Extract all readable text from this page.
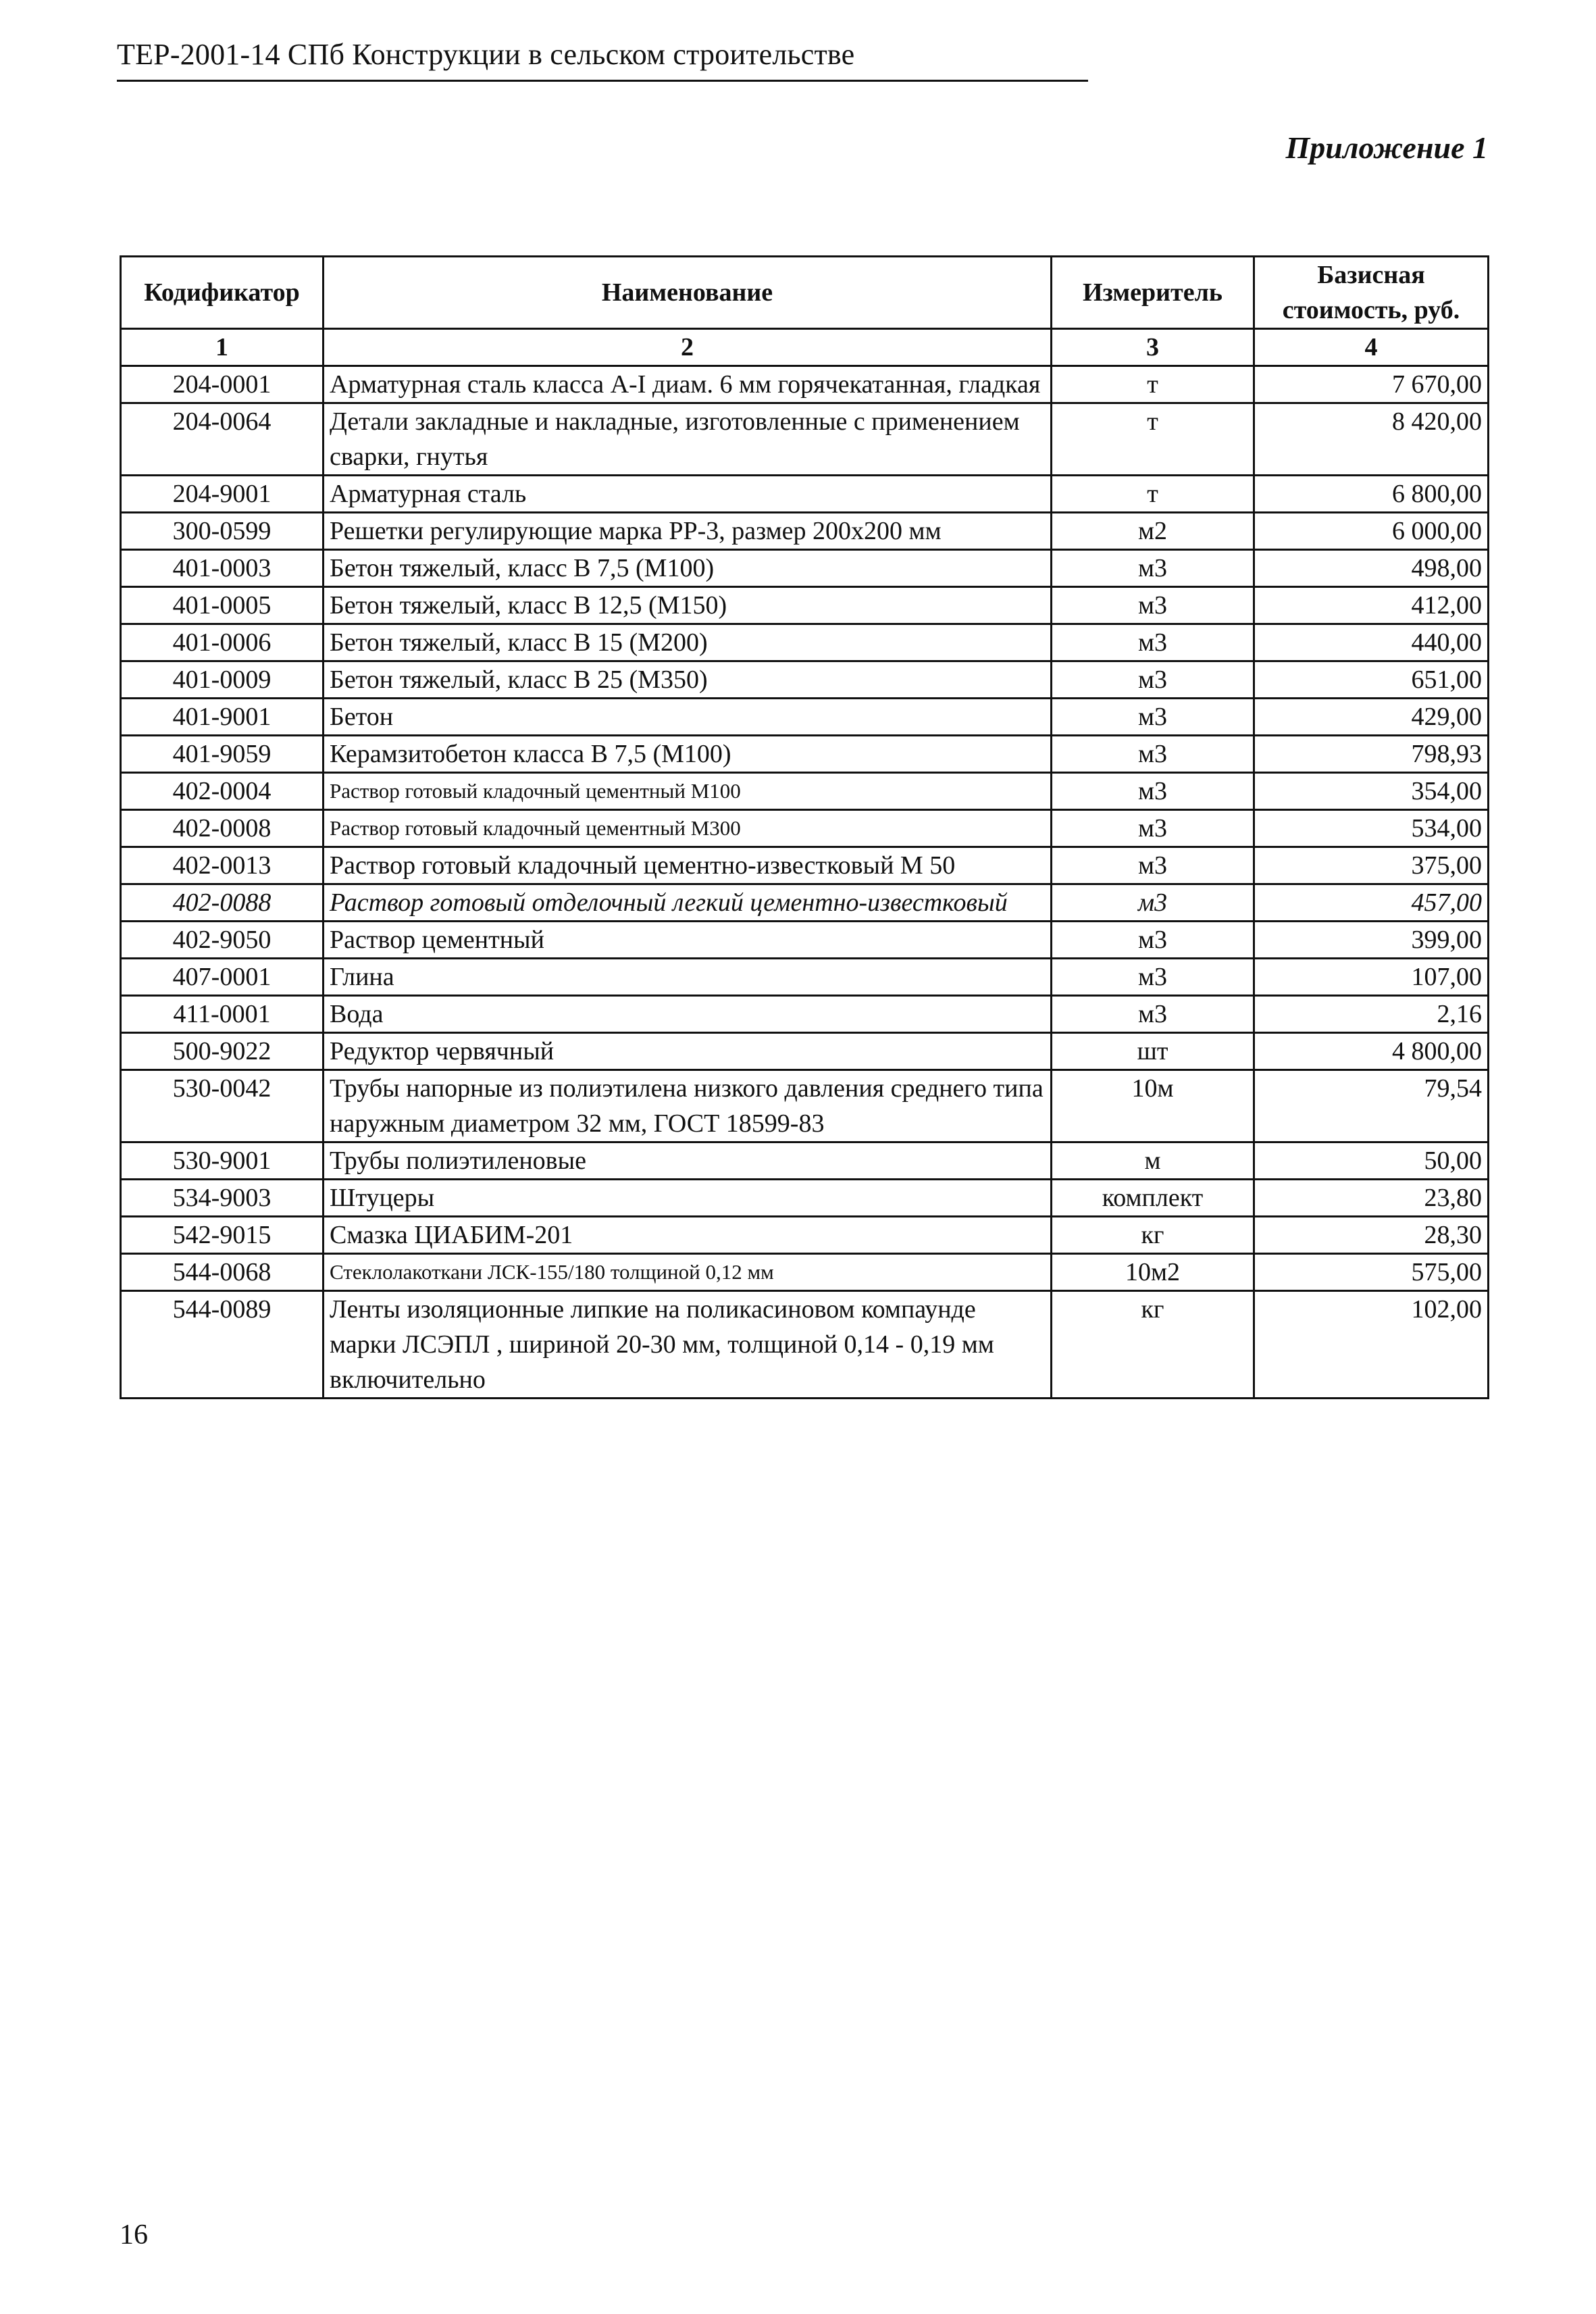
ТЕР-2001-14 СПб Конструкции в сельском строительстве
Приложение 1
Кодификатор	Наименование	Измеритель	Базисная стоимость, руб.
1	2	3	4
204-0001	Арматурная сталь класса А-I диам. 6 мм горячекатанная, гладкая	т	7 670,00
204-0064	Детали закладные и накладные, изготовленные с применением сварки, гнутья	т	8 420,00
204-9001	Арматурная сталь	т	6 800,00
300-0599	Решетки регулирующие марка РР-3, размер 200х200 мм	м2	6 000,00
401-0003	Бетон тяжелый, класс В 7,5 (М100)	м3	498,00
401-0005	Бетон тяжелый, класс В 12,5 (М150)	м3	412,00
401-0006	Бетон тяжелый, класс В 15 (М200)	м3	440,00
401-0009	Бетон тяжелый, класс В 25 (М350)	м3	651,00
401-9001	Бетон	м3	429,00
401-9059	Керамзитобетон класса В 7,5 (М100)	м3	798,93
402-0004	Раствор готовый кладочный цементный М100	м3	354,00
402-0008	Раствор готовый кладочный цементный М300	м3	534,00
402-0013	Раствор готовый кладочный цементно-известковый М 50	м3	375,00
402-0088	Раствор готовый отделочный легкий цементно-известковый	м3	457,00
402-9050	Раствор цементный	м3	399,00
407-0001	Глина	м3	107,00
411-0001	Вода	м3	2,16
500-9022	Редуктор червячный	шт	4 800,00
530-0042	Трубы напорные из полиэтилена низкого давления среднего типа наружным диаметром 32 мм, ГОСТ 18599-83	10м	79,54
530-9001	Трубы полиэтиленовые	м	50,00
534-9003	Штуцеры	комплект	23,80
542-9015	Смазка ЦИАБИМ-201	кг	28,30
544-0068	Стеклолакоткани ЛСК-155/180 толщиной 0,12 мм	10м2	575,00
544-0089	Ленты изоляционные липкие на поликасиновом компаунде марки ЛСЭПЛ , шириной 20-30 мм, толщиной 0,14 - 0,19 мм включительно	кг	102,00
16
